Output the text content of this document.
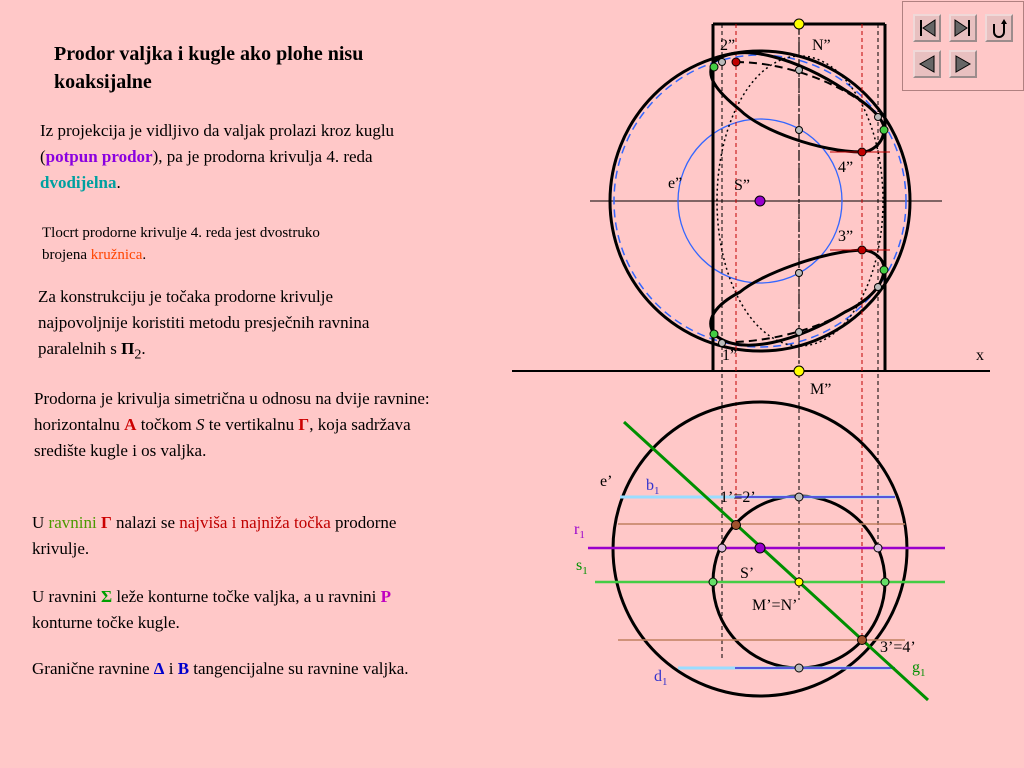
Prodor valjka i kugle ako plohe nisu koaksijalne
Iz projekcija je vidljivo da valjak prolazi kroz kuglu (potpun prodor), pa je prodorna krivulja 4. reda dvodijelna.
Tlocrt prodorne krivulje 4. reda jest dvostruko brojena kružnica.
Za konstrukciju je točaka prodorne krivulje najpovoljnije koristiti metodu presječnih ravnina paralelnih s $\Pi_2$.
Prodorna je krivulja simetrična u odnosu na dvije ravnine: horizontalnu A točkom S te vertikalnu Γ, koja sadržava središte kugle i os valjka.
U ravnini Γ nalazi se najviša i najniža točka prodorne krivulje.
U ravnini Σ leže konturne točke valjka, a u ravnini P konturne točke kugle.
Granične ravnine Δ i B tangencijalne su ravnine valjka.
2”	N”
e”	S”
4”
3”
1”	x
M”
e’ $b_1$	1’=2’
$r_1$
$s_1$	S’
M’=N’
3’=4’
$g_1$
$d_1$
